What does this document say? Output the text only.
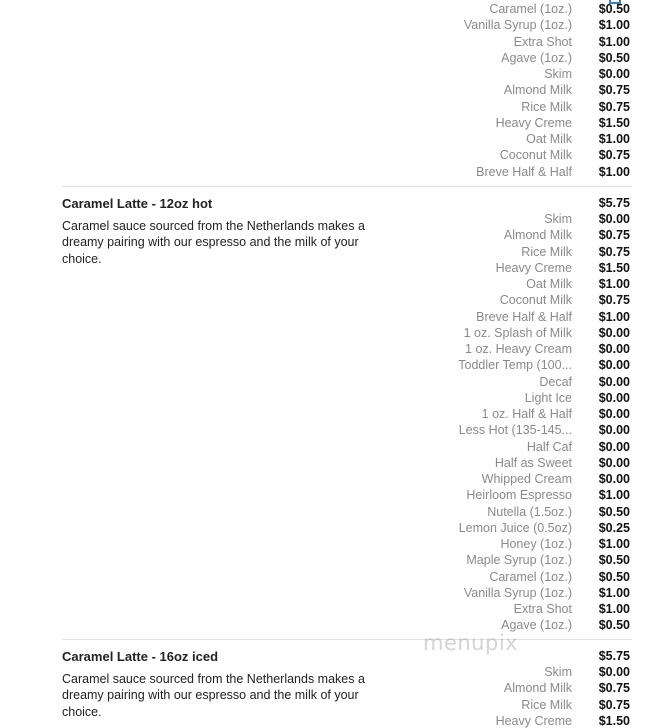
Caramel (1oz.) $0.50
Vanilla Syrup (1oz.) $1.00
Extra Shot $1.00
Agave (1oz.) $0.50
Skim $0.00
Almond Milk $0.75
Rice Milk $0.75
Heavy Creme $1.50
Oat Milk $1.00
Coconut Milk $0.75
Breve Half & Half $1.00
Caramel Latte - 12oz hot	$5.75
Caramel sauce sourced from the Netherlands makes a dreamy pairing with our espresso and the milk of your choice.
Skim $0.00
Almond Milk $0.75
Rice Milk $0.75
Heavy Creme $1.50
Oat Milk $1.00
Coconut Milk $0.75
Breve Half & Half $1.00
1 oz. Splash of Milk $0.00
1 oz. Heavy Cream $0.00
Toddler Temp (100... $0.00
Decaf $0.00
Light Ice $0.00
1 oz. Half & Half $0.00
Less Hot (135-145... $0.00
Half Caf $0.00
Half as Sweet $0.00
Whipped Cream $0.00
Heirloom Espresso $1.00
Nutella (1.5oz.) $0.50
Lemon Juice (0.5oz) $0.25
Honey (1oz.) $1.00
Maple Syrup (1oz.) $0.50
Caramel (1oz.) $0.50
Vanilla Syrup (1oz.) $1.00
Extra Shot $1.00
Agave (1oz.) $0.50
Caramel Latte - 16oz iced	$5.75
Caramel sauce sourced from the Netherlands makes a dreamy pairing with our espresso and the milk of your choice.
Skim $0.00
Almond Milk $0.75
Rice Milk $0.75
Heavy Creme $1.50
menupix
